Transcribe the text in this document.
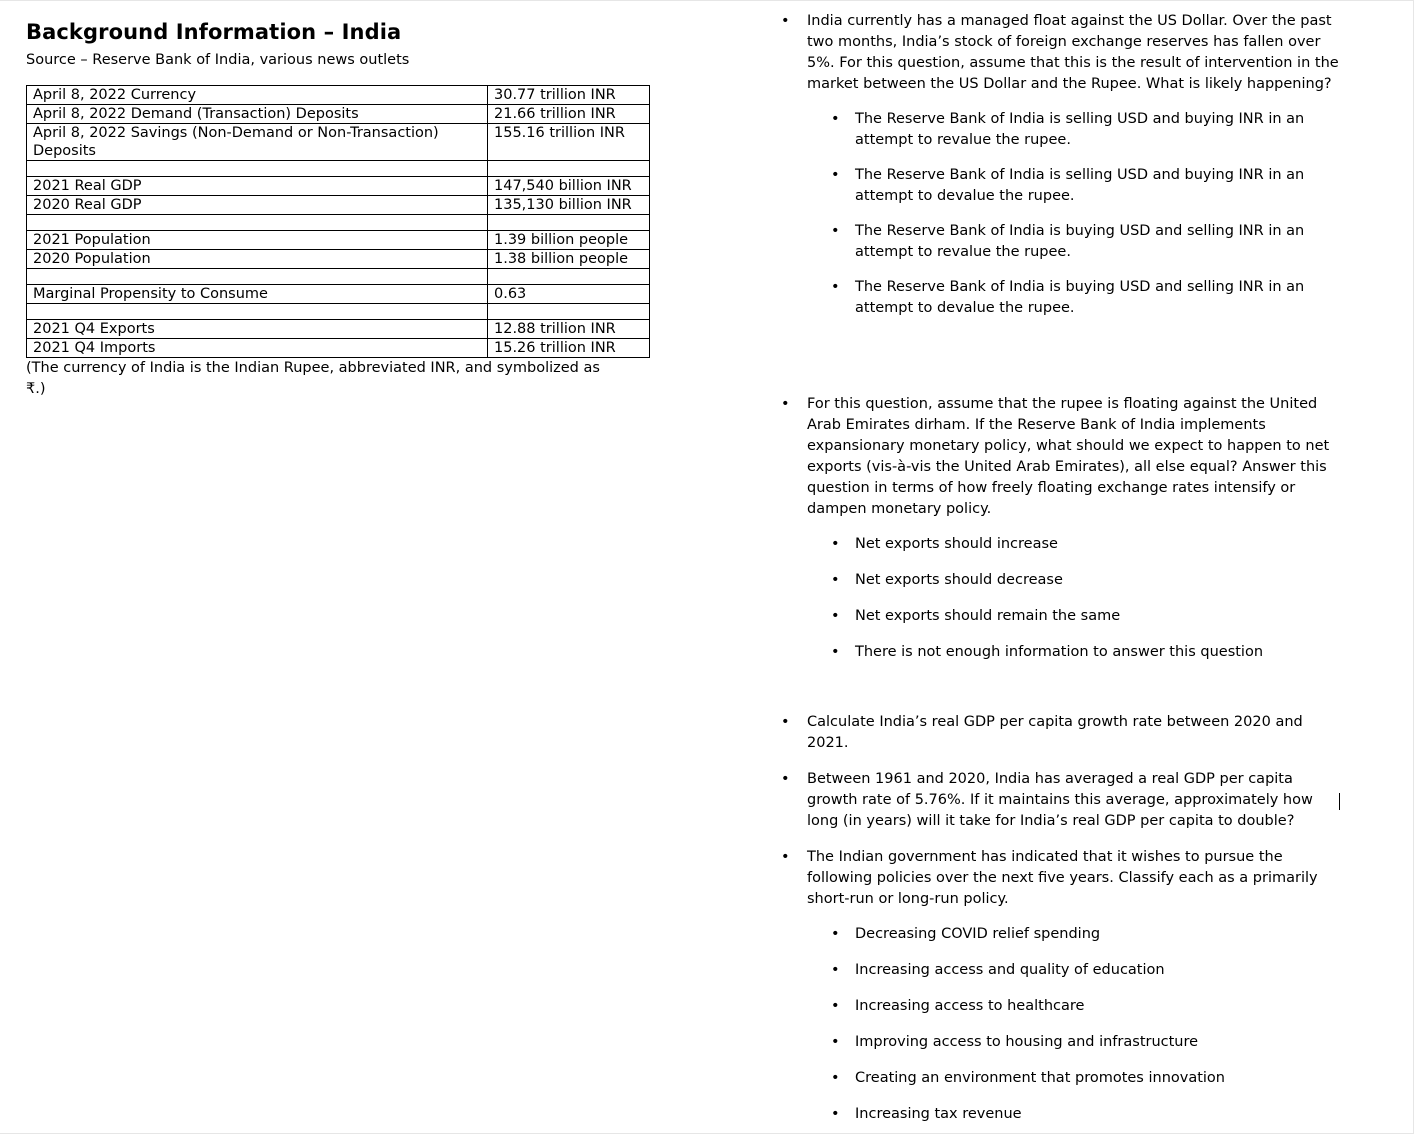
Background Information – India

Source – Reserve Bank of India, various news outlets

April 8, 2022 Currency	30.77 trillion INR
April 8, 2022 Demand (Transaction) Deposits	21.66 trillion INR
April 8, 2022 Savings (Non-Demand or Non-Transaction) Deposits	155.16 trillion INR

2021 Real GDP	147,540 billion INR
2020 Real GDP	135,130 billion INR

2021 Population	1.39 billion people
2020 Population	1.38 billion people

Marginal Propensity to Consume	0.63

2021 Q4 Exports	12.88 trillion INR
2021 Q4 Imports	15.26 trillion INR

(The currency of India is the Indian Rupee, abbreviated INR, and symbolized as ₹.)

• India currently has a managed float against the US Dollar. Over the past two months, India’s stock of foreign exchange reserves has fallen over 5%. For this question, assume that this is the result of intervention in the market between the US Dollar and the Rupee. What is likely happening?
• The Reserve Bank of India is selling USD and buying INR in an attempt to revalue the rupee.
• The Reserve Bank of India is selling USD and buying INR in an attempt to devalue the rupee.
• The Reserve Bank of India is buying USD and selling INR in an attempt to revalue the rupee.
• The Reserve Bank of India is buying USD and selling INR in an attempt to devalue the rupee.
• For this question, assume that the rupee is floating against the United Arab Emirates dirham. If the Reserve Bank of India implements expansionary monetary policy, what should we expect to happen to net exports (vis-à-vis the United Arab Emirates), all else equal? Answer this question in terms of how freely floating exchange rates intensify or dampen monetary policy.
• Net exports should increase
• Net exports should decrease
• Net exports should remain the same
• There is not enough information to answer this question
• Calculate India’s real GDP per capita growth rate between 2020 and 2021.
• Between 1961 and 2020, India has averaged a real GDP per capita growth rate of 5.76%. If it maintains this average, approximately how long (in years) will it take for India’s real GDP per capita to double?
• The Indian government has indicated that it wishes to pursue the following policies over the next five years. Classify each as a primarily short-run or long-run policy.
• Decreasing COVID relief spending
• Increasing access and quality of education
• Increasing access to healthcare
• Improving access to housing and infrastructure
• Creating an environment that promotes innovation
• Increasing tax revenue
